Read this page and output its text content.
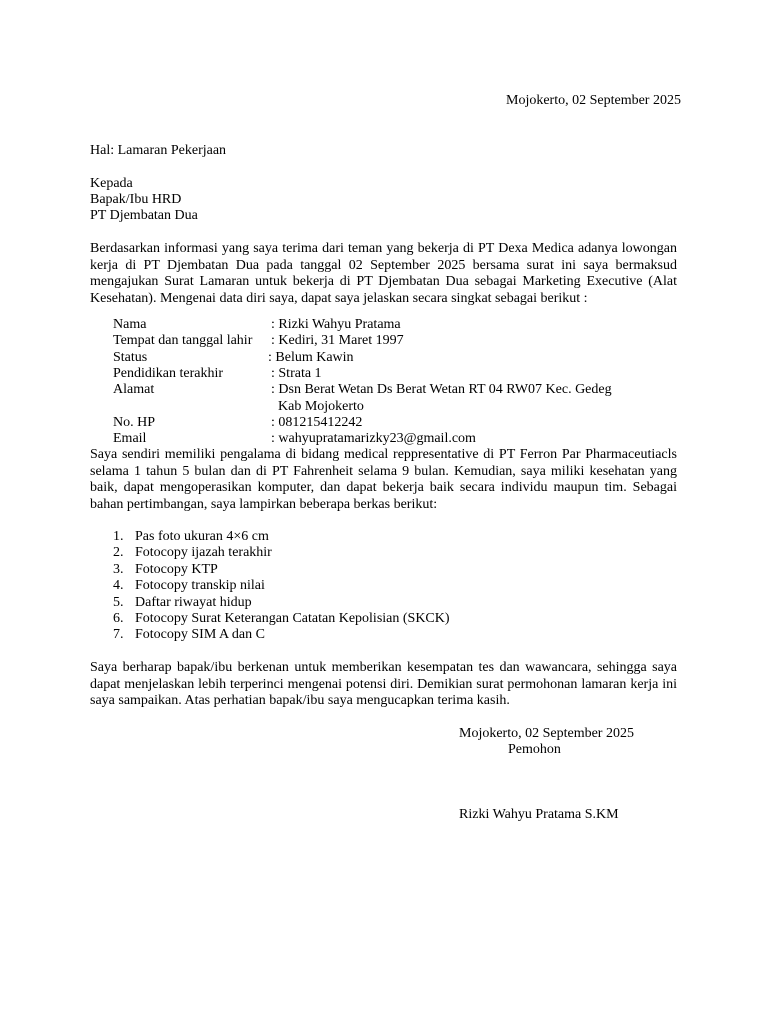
Mojokerto, 02 September 2025
Hal: Lamaran Pekerjaan
Kepada
Bapak/Ibu HRD
PT Djembatan Dua
Berdasarkan informasi yang saya terima dari teman yang bekerja di PT Dexa Medica adanya lowongan kerja di PT Djembatan Dua pada tanggal 02 September 2025 bersama surat ini saya bermaksud mengajukan Surat Lamaran untuk bekerja di PT Djembatan Dua sebagai Marketing Executive (Alat Kesehatan). Mengenai data diri saya, dapat saya jelaskan secara singkat sebagai berikut :
Nama	: Rizki Wahyu Pratama
Tempat dan tanggal lahir : Kediri, 31 Maret 1997
Status	: Belum Kawin
Pendidikan terakhir	: Strata 1
Alamat	: Dsn Berat Wetan Ds Berat Wetan RT 04 RW07 Kec. Gedeg
Kab Mojokerto
No. HP	: 08121541224​2
Email	: wahyupratamarizky23@gmail.com
Saya sendiri memiliki pengalama di bidang medical reppresentative di PT Ferron Par Pharmaceutiacls selama 1 tahun 5 bulan dan di PT Fahrenheit selama 9 bulan. Kemudian, saya miliki kesehatan yang baik, dapat mengoperasikan komputer, dan dapat bekerja baik secara individu maupun tim. Sebagai bahan pertimbangan, saya lampirkan beberapa berkas berikut:
1. Pas foto ukuran 4×6 cm
2. Fotocopy ijazah terakhir
3. Fotocopy KTP
4. Fotocopy transkip nilai
5. Daftar riwayat hidup
6. Fotocopy Surat Keterangan Catatan Kepolisian (SKCK)
7. Fotocopy SIM A dan C
Saya berharap bapak/ibu berkenan untuk memberikan kesempatan tes dan wawancara, sehingga saya dapat menjelaskan lebih terperinci mengenai potensi diri. Demikian surat permohonan lamaran kerja ini saya sampaikan. Atas perhatian bapak/ibu saya mengucapkan terima kasih.
Mojokerto, 02 September 2025
Pemohon
Rizki Wahyu Pratama S.KM
